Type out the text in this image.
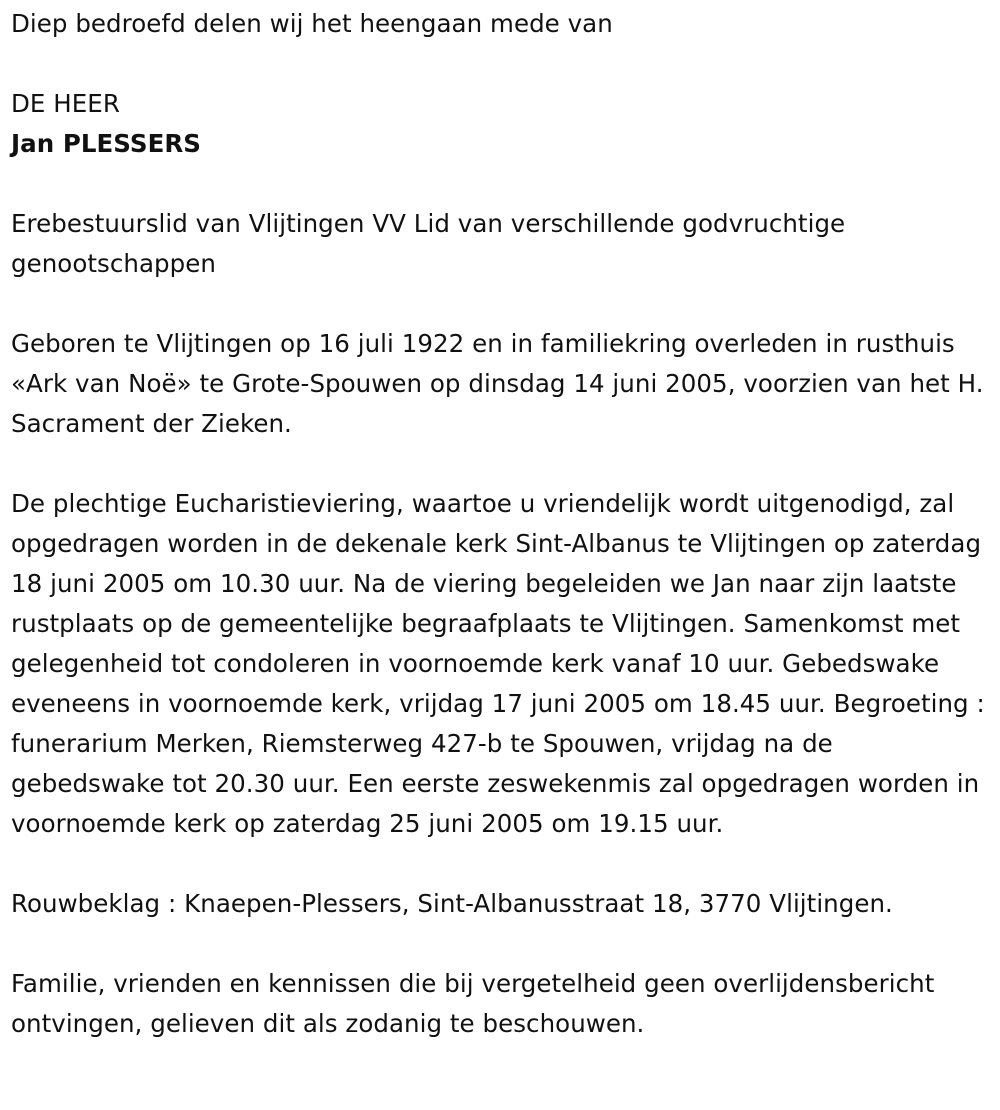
Diep bedroefd delen wij het heengaan mede van

DE HEER

Jan PLESSERS

Erebestuurslid van Vlijtingen VV Lid van verschillende godvruchtige genootschappen

Geboren te Vlijtingen op 16 juli 1922 en in familiekring overleden in rusthuis «Ark van Noë» te Grote-Spouwen op dinsdag 14 juni 2005, voorzien van het H. Sacrament der Zieken.

De plechtige Eucharistieviering, waartoe u vriendelijk wordt uitgenodigd, zal opgedragen worden in de dekenale kerk Sint-Albanus te Vlijtingen op zaterdag 18 juni 2005 om 10.30 uur. Na de viering begeleiden we Jan naar zijn laatste rustplaats op de gemeentelijke begraafplaats te Vlijtingen. Samenkomst met gelegenheid tot condoleren in voornoemde kerk vanaf 10 uur. Gebedswake eveneens in voornoemde kerk, vrijdag 17 juni 2005 om 18.45 uur. Begroeting : funerarium Merken, Riemsterweg 427-b te Spouwen, vrijdag na de gebedswake tot 20.30 uur. Een eerste zeswekenmis zal opgedragen worden in voornoemde kerk op zaterdag 25 juni 2005 om 19.15 uur.

Rouwbeklag : Knaepen-Plessers, Sint-Albanusstraat 18, 3770 Vlijtingen.

Familie, vrienden en kennissen die bij vergetelheid geen overlijdensbericht ontvingen, gelieven dit als zodanig te beschouwen.
